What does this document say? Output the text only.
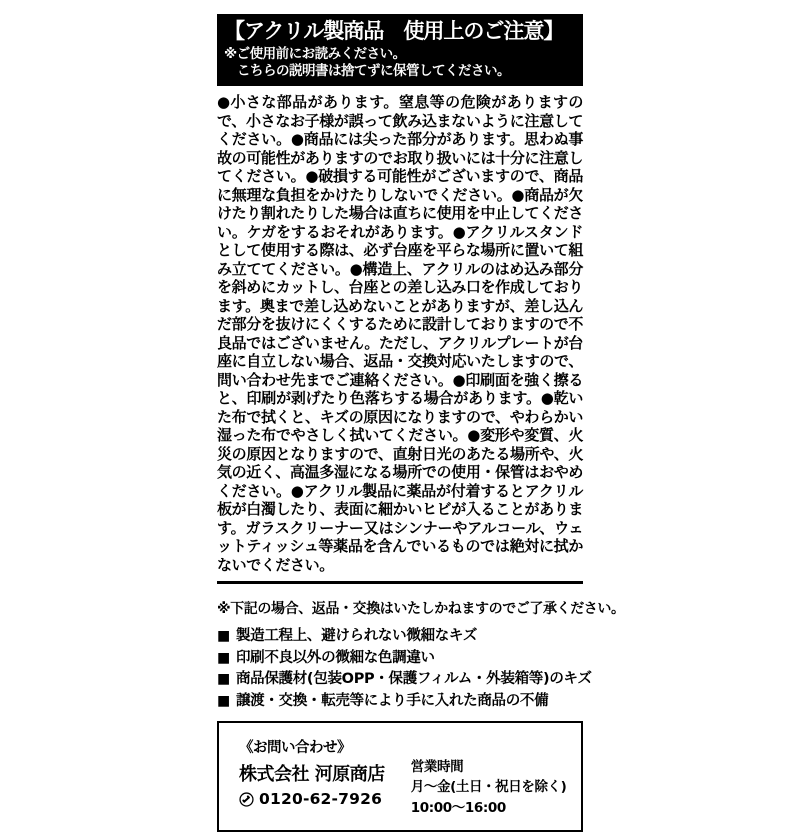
【アクリル製商品　使用上のご注意】

※ご使用前にお読みください。
こちらの説明書は捨てずに保管してください。

●小さな部品があります。窒息等の危険がありますので、小さなお子様が誤って飲み込まないように注意してください。●商品には尖った部分があります。思わぬ事故の可能性がありますのでお取り扱いには十分に注意してください。●破損する可能性がございますので、商品に無理な負担をかけたりしないでください。●商品が欠けたり割れたりした場合は直ちに使用を中止してください。ケガをするおそれがあります。●アクリルスタンドとして使用する際は、必ず台座を平らな場所に置いて組み立ててください。●構造上、アクリルのはめ込み部分を斜めにカットし、台座との差し込み口を作成しております。奥まで差し込めないことがありますが、差し込んだ部分を抜けにくくするために設計しておりますので不良品ではございません。ただし、アクリルプレートが台座に自立しない場合、返品・交換対応いたしますので、問い合わせ先までご連絡ください。●印刷面を強く擦ると、印刷が剥げたり色落ちする場合があります。●乾いた布で拭くと、キズの原因になりますので、やわらかい湿った布でやさしく拭いてください。●変形や変質、火災の原因となりますので、直射日光のあたる場所や、火気の近く、高温多湿になる場所での使用・保管はおやめください。●アクリル製品に薬品が付着するとアクリル板が白濁したり、表面に細かいヒビが入ることがあります。ガラスクリーナー又はシンナーやアルコール、ウェットティッシュ等薬品を含んでいるものでは絶対に拭かないでください。

※下記の場合、返品・交換はいたしかねますのでご了承ください。

■ 製造工程上、避けられない微細なキズ
■ 印刷不良以外の微細な色調違い
■ 商品保護材(包装OPP・保護フィルム・外装箱等)のキズ
■ 譲渡・交換・転売等により手に入れた商品の不備
《お問い合わせ》
株式会社 河原商店
0120-62-7926
営業時間
月～金(土日・祝日を除く)
10:00～16:00
